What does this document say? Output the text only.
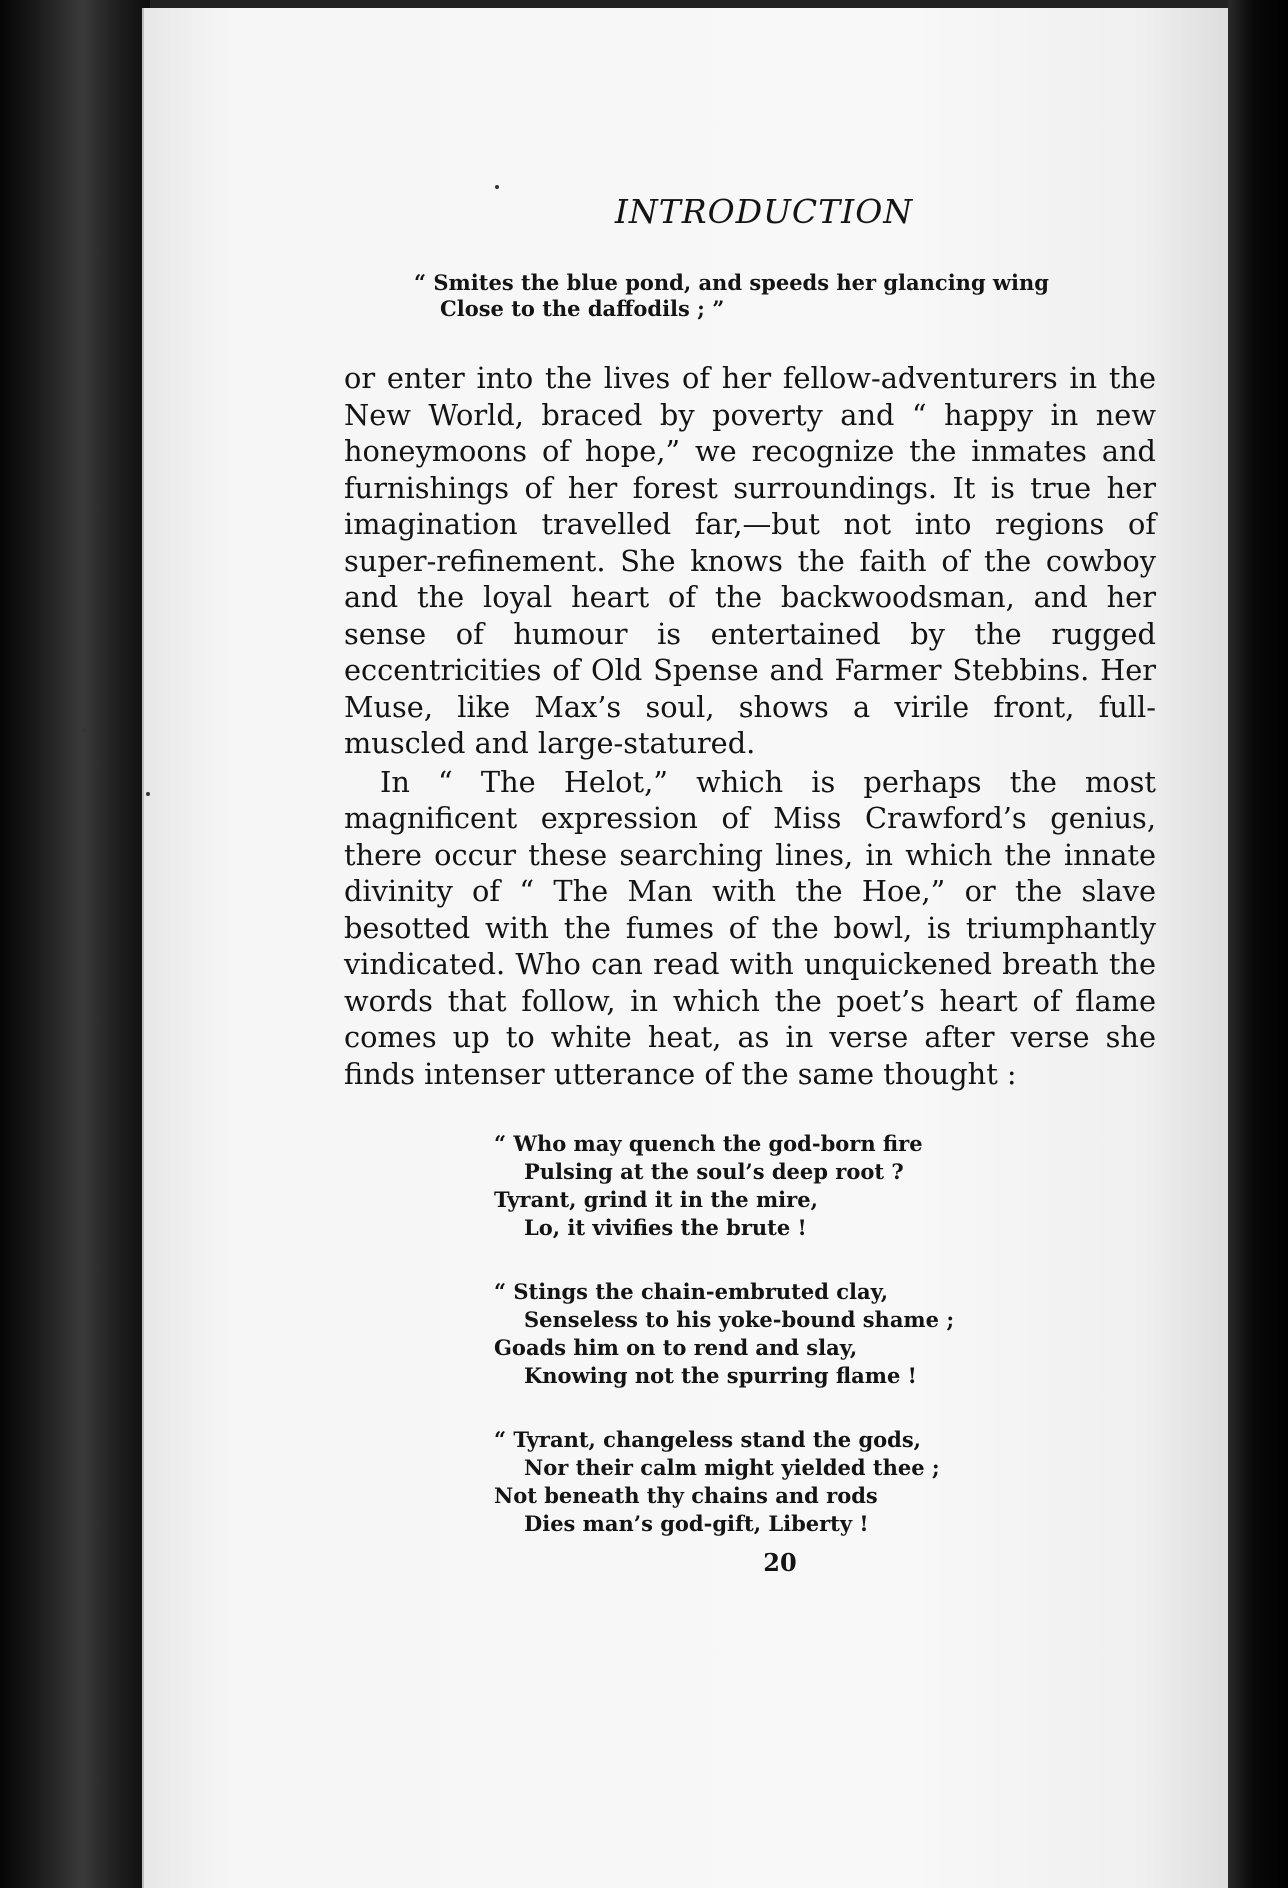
INTRODUCTION
“ Smites the blue pond, and speeds her glancing wing
Close to the daffodils ; ”

or enter into the lives of her fellow-adventurers in the New World, braced by poverty and “ happy in new honeymoons of hope,” we recognize the inmates and furnishings of her forest surroundings. It is true her imagination travelled far,—but not into regions of super-refinement. She knows the faith of the cowboy and the loyal heart of the backwoodsman, and her sense of humour is entertained by the rugged eccentricities of Old Spense and Farmer Stebbins. Her Muse, like Max’s soul, shows a virile front, full-muscled and large-statured.

In “ The Helot,” which is perhaps the most magnificent expression of Miss Crawford’s genius, there occur these searching lines, in which the innate divinity of “ The Man with the Hoe,” or the slave besotted with the fumes of the bowl, is triumphantly vindicated. Who can read with unquickened breath the words that follow, in which the poet’s heart of flame comes up to white heat, as in verse after verse she finds intenser utterance of the same thought :

“ Who may quench the god-born fire
Pulsing at the soul’s deep root ?
Tyrant, grind it in the mire,
Lo, it vivifies the brute !
“ Stings the chain-embruted clay,
Senseless to his yoke-bound shame ;
Goads him on to rend and slay,
Knowing not the spurring flame !
“ Tyrant, changeless stand the gods,
Nor their calm might yielded thee ;
Not beneath thy chains and rods
Dies man’s god-gift, Liberty !
20
